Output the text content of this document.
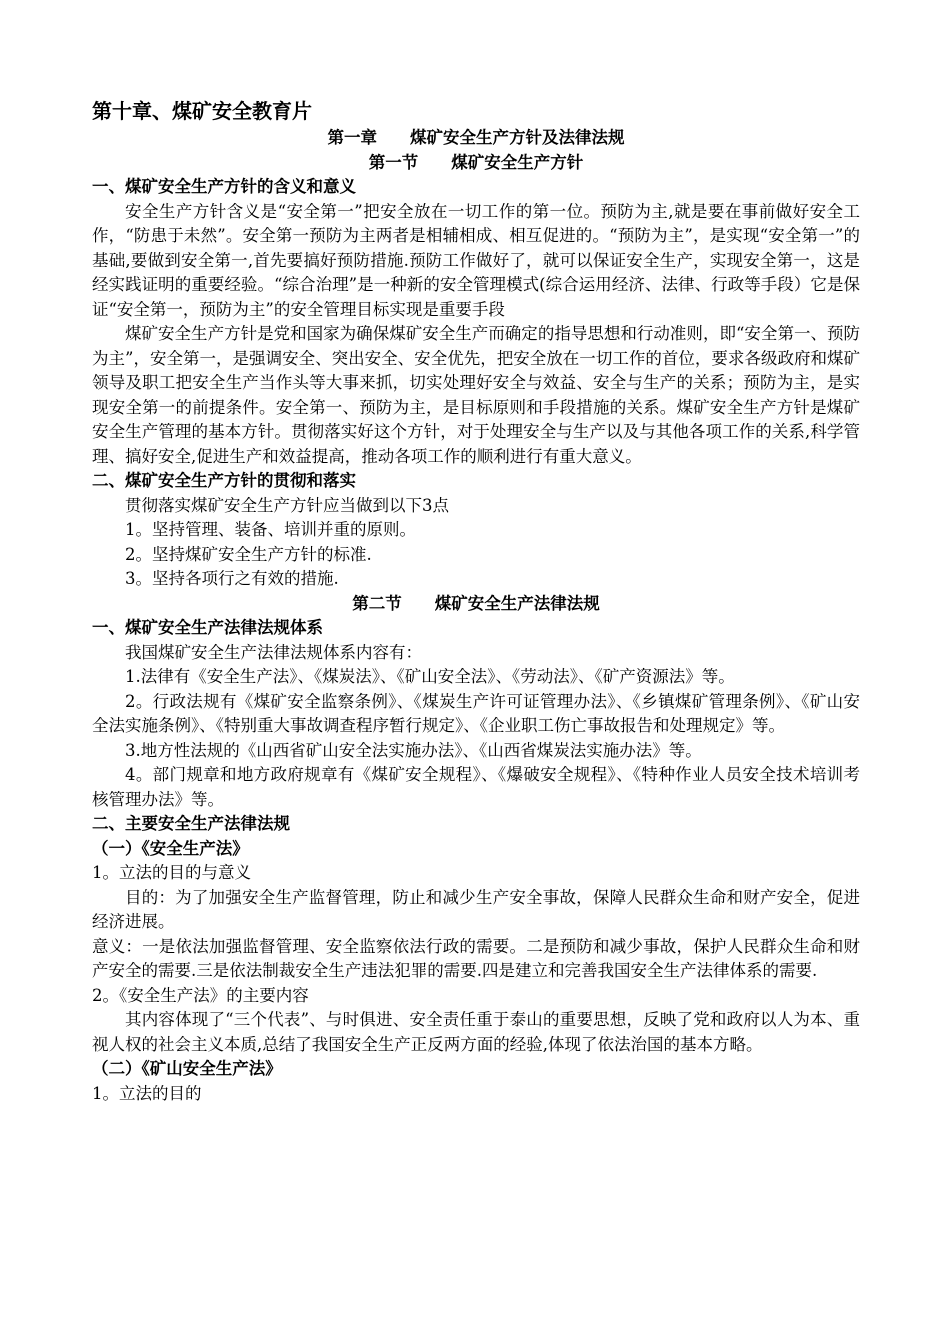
第十章、煤矿安全教育片

第一章　　煤矿安全生产方针及法律法规

第一节　　煤矿安全生产方针

一、煤矿安全生产方针的含义和意义

安全生产方针含义是“安全第一”把安全放在一切工作的第一位。预防为主,就是要在事前做好安全工作，“防患于未然”。安全第一预防为主两者是相辅相成、相互促进的。“预防为主”，是实现“安全第一”的基础,要做到安全第一,首先要搞好预防措施.预防工作做好了，就可以保证安全生产，实现安全第一，这是经实践证明的重要经验。“综合治理”是一种新的安全管理模式(综合运用经济、法律、行政等手段）它是保证“安全第一，预防为主”的安全管理目标实现是重要手段

煤矿安全生产方针是党和国家为确保煤矿安全生产而确定的指导思想和行动准则，即“安全第一、预防为主”，安全第一，是强调安全、突出安全、安全优先，把安全放在一切工作的首位，要求各级政府和煤矿领导及职工把安全生产当作头等大事来抓，切实处理好安全与效益、安全与生产的关系；预防为主，是实现安全第一的前提条件。安全第一、预防为主，是目标原则和手段措施的关系。煤矿安全生产方针是煤矿安全生产管理的基本方针。贯彻落实好这个方针，对于处理安全与生产以及与其他各项工作的关系,科学管理、搞好安全,促进生产和效益提高，推动各项工作的顺利进行有重大意义。

二、煤矿安全生产方针的贯彻和落实

贯彻落实煤矿安全生产方针应当做到以下3点

1。坚持管理、装备、培训并重的原则。

2。坚持煤矿安全生产方针的标准.

3。坚持各项行之有效的措施.

第二节　　煤矿安全生产法律法规

一、煤矿安全生产法律法规体系

我国煤矿安全生产法律法规体系内容有：

1.法律有《安全生产法》、《煤炭法》、《矿山安全法》、《劳动法》、《矿产资源法》等。

2。行政法规有《煤矿安全监察条例》、《煤炭生产许可证管理办法》、《乡镇煤矿管理条例》、《矿山安全法实施条例》、《特别重大事故调查程序暂行规定》、《企业职工伤亡事故报告和处理规定》等。

3.地方性法规的《山西省矿山安全法实施办法》、《山西省煤炭法实施办法》等。

4。部门规章和地方政府规章有《煤矿安全规程》、《爆破安全规程》、《特种作业人员安全技术培训考核管理办法》等。

二、主要安全生产法律法规

（一）《安全生产法》

1。立法的目的与意义

目的：为了加强安全生产监督管理，防止和减少生产安全事故，保障人民群众生命和财产安全，促进经济进展。

意义：一是依法加强监督管理、安全监察依法行政的需要。二是预防和减少事故，保护人民群众生命和财产安全的需要.三是依法制裁安全生产违法犯罪的需要.四是建立和完善我国安全生产法律体系的需要.

2。《安全生产法》的主要内容

其内容体现了“三个代表”、与时俱进、安全责任重于泰山的重要思想，反映了党和政府以人为本、重视人权的社会主义本质,总结了我国安全生产正反两方面的经验,体现了依法治国的基本方略。

（二）《矿山安全生产法》

1。立法的目的
